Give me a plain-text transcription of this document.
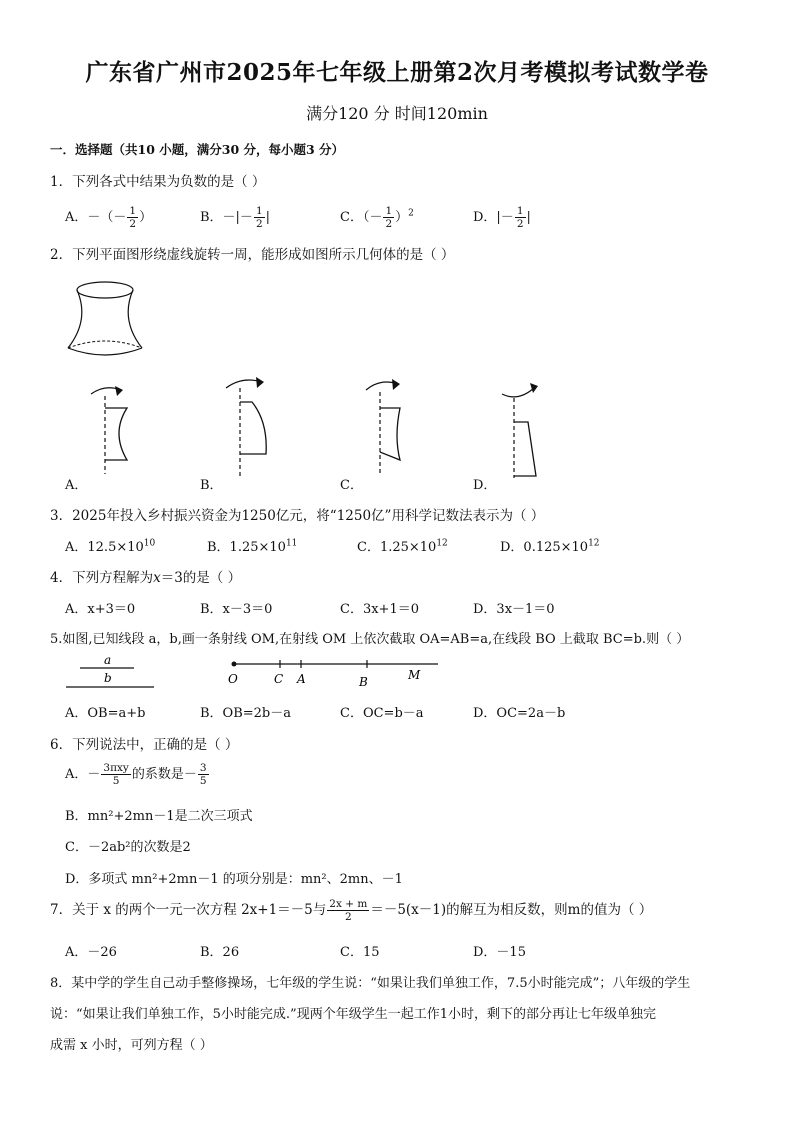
广东省广州市2025年七年级上册第2次月考模拟考试数学卷
满分120 分 时间120min
一．选择题（共10 小题，满分30 分，每小题3 分）
1．下列各式中结果为负数的是（ ）
A．－（－ $\frac{1}{2}$ ）	B．－|－ $\frac{1}{2}$ |	C．（－ $\frac{1}{2} )^2$	D．|－ $\frac{1}{2}$ |
2．下列平面图形绕虚线旋转一周，能形成如图所示几何体的是（ ）
A．	B．	C．	D．
3．2025年投入乡村振兴资金为1250亿元，将“1250亿”用科学记数法表示为（ ）
A．$12.5\times 10^{10}$	B．$1.25\times 10^{11}$	C．$1.25\times 10^{12}$	D．$0.125\times 10^{12}$
4．下列方程解为x＝3的是（ ）
A．x+3＝0	B．x－3＝0	C．3x+1＝0	D．3x－1＝0
5.如图,已知线段 a，b,画一条射线 OM,在射线 OM 上依次截取 OA=AB=a,在线段 BO 上截取 BC=b.则（ ）
a
b	O	C A	B	M
A．OB=a+b	B．OB=2b－a	C．OC=b－a	D．OC=2a－b
6．下列说法中，正确的是（ ）
A．－ $\frac{\text{3πxy}}{5}$ 的系数是－ $\frac{3}{5}$
B．mn²+2mn－1是二次三项式
C．－2ab²的次数是2
D．多项式 mn²+2mn－1 的项分别是：mn²、2mn、－1
7．关于 x 的两个一元一次方程 2x+1＝－5与 $\frac{2x + m}{2} =-5(x-1)$的解互为相反数，则m的值为（ ）
A．－26	B．26	C．15	D．－15
8．某中学的学生自己动手整修操场，七年级的学生说：“如果让我们单独工作，7.5小时能完成”；八年级的学生
说：“如果让我们单独工作，5小时能完成.”现两个年级学生一起工作1小时，剩下的部分再让七年级单独完
成需 x 小时，可列方程（ ）
